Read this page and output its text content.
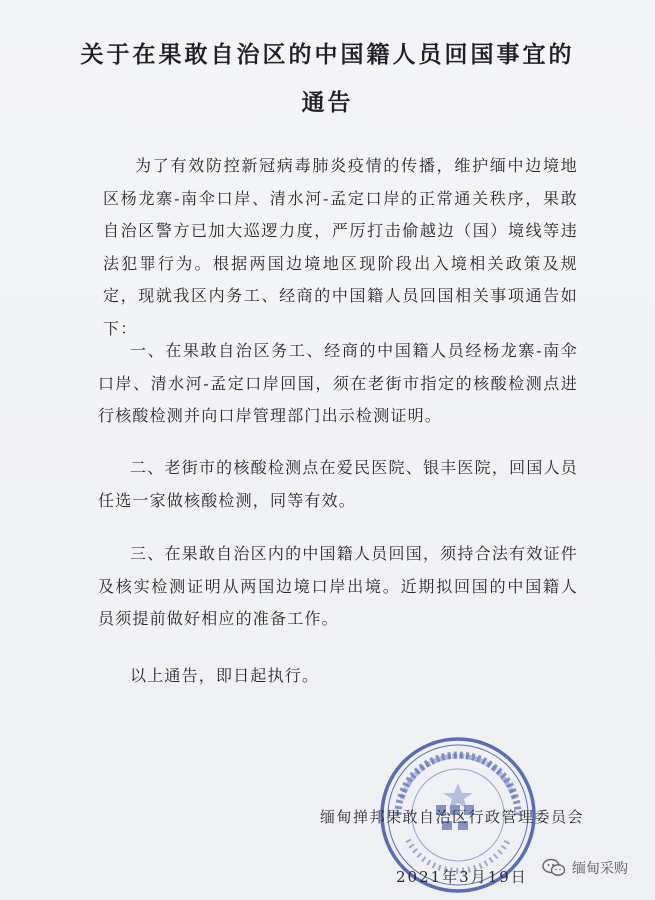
关于在果敢自治区的中国籍人员回国事宜的
通告

为了有效防控新冠病毒肺炎疫情的传播，维护缅中边境地区杨龙寨-南伞口岸、清水河-孟定口岸的正常通关秩序，果敢自治区警方已加大巡逻力度，严厉打击偷越边（国）境线等违法犯罪行为。根据两国边境地区现阶段出入境相关政策及规定，现就我区内务工、经商的中国籍人员回国相关事项通告如下：

一、在果敢自治区务工、经商的中国籍人员经杨龙寨-南伞口岸、清水河-孟定口岸回国，须在老街市指定的核酸检测点进行核酸检测并向口岸管理部门出示检测证明。

二、老街市的核酸检测点在爱民医院、银丰医院，回国人员任选一家做核酸检测，同等有效。

三、在果敢自治区内的中国籍人员回国，须持合法有效证件及核实检测证明从两国边境口岸出境。近期拟回国的中国籍人员须提前做好相应的准备工作。

以上通告，即日起执行。

缅甸掸邦果敢自治区行政管理委员会
2021年3月19日	缅甸采购
